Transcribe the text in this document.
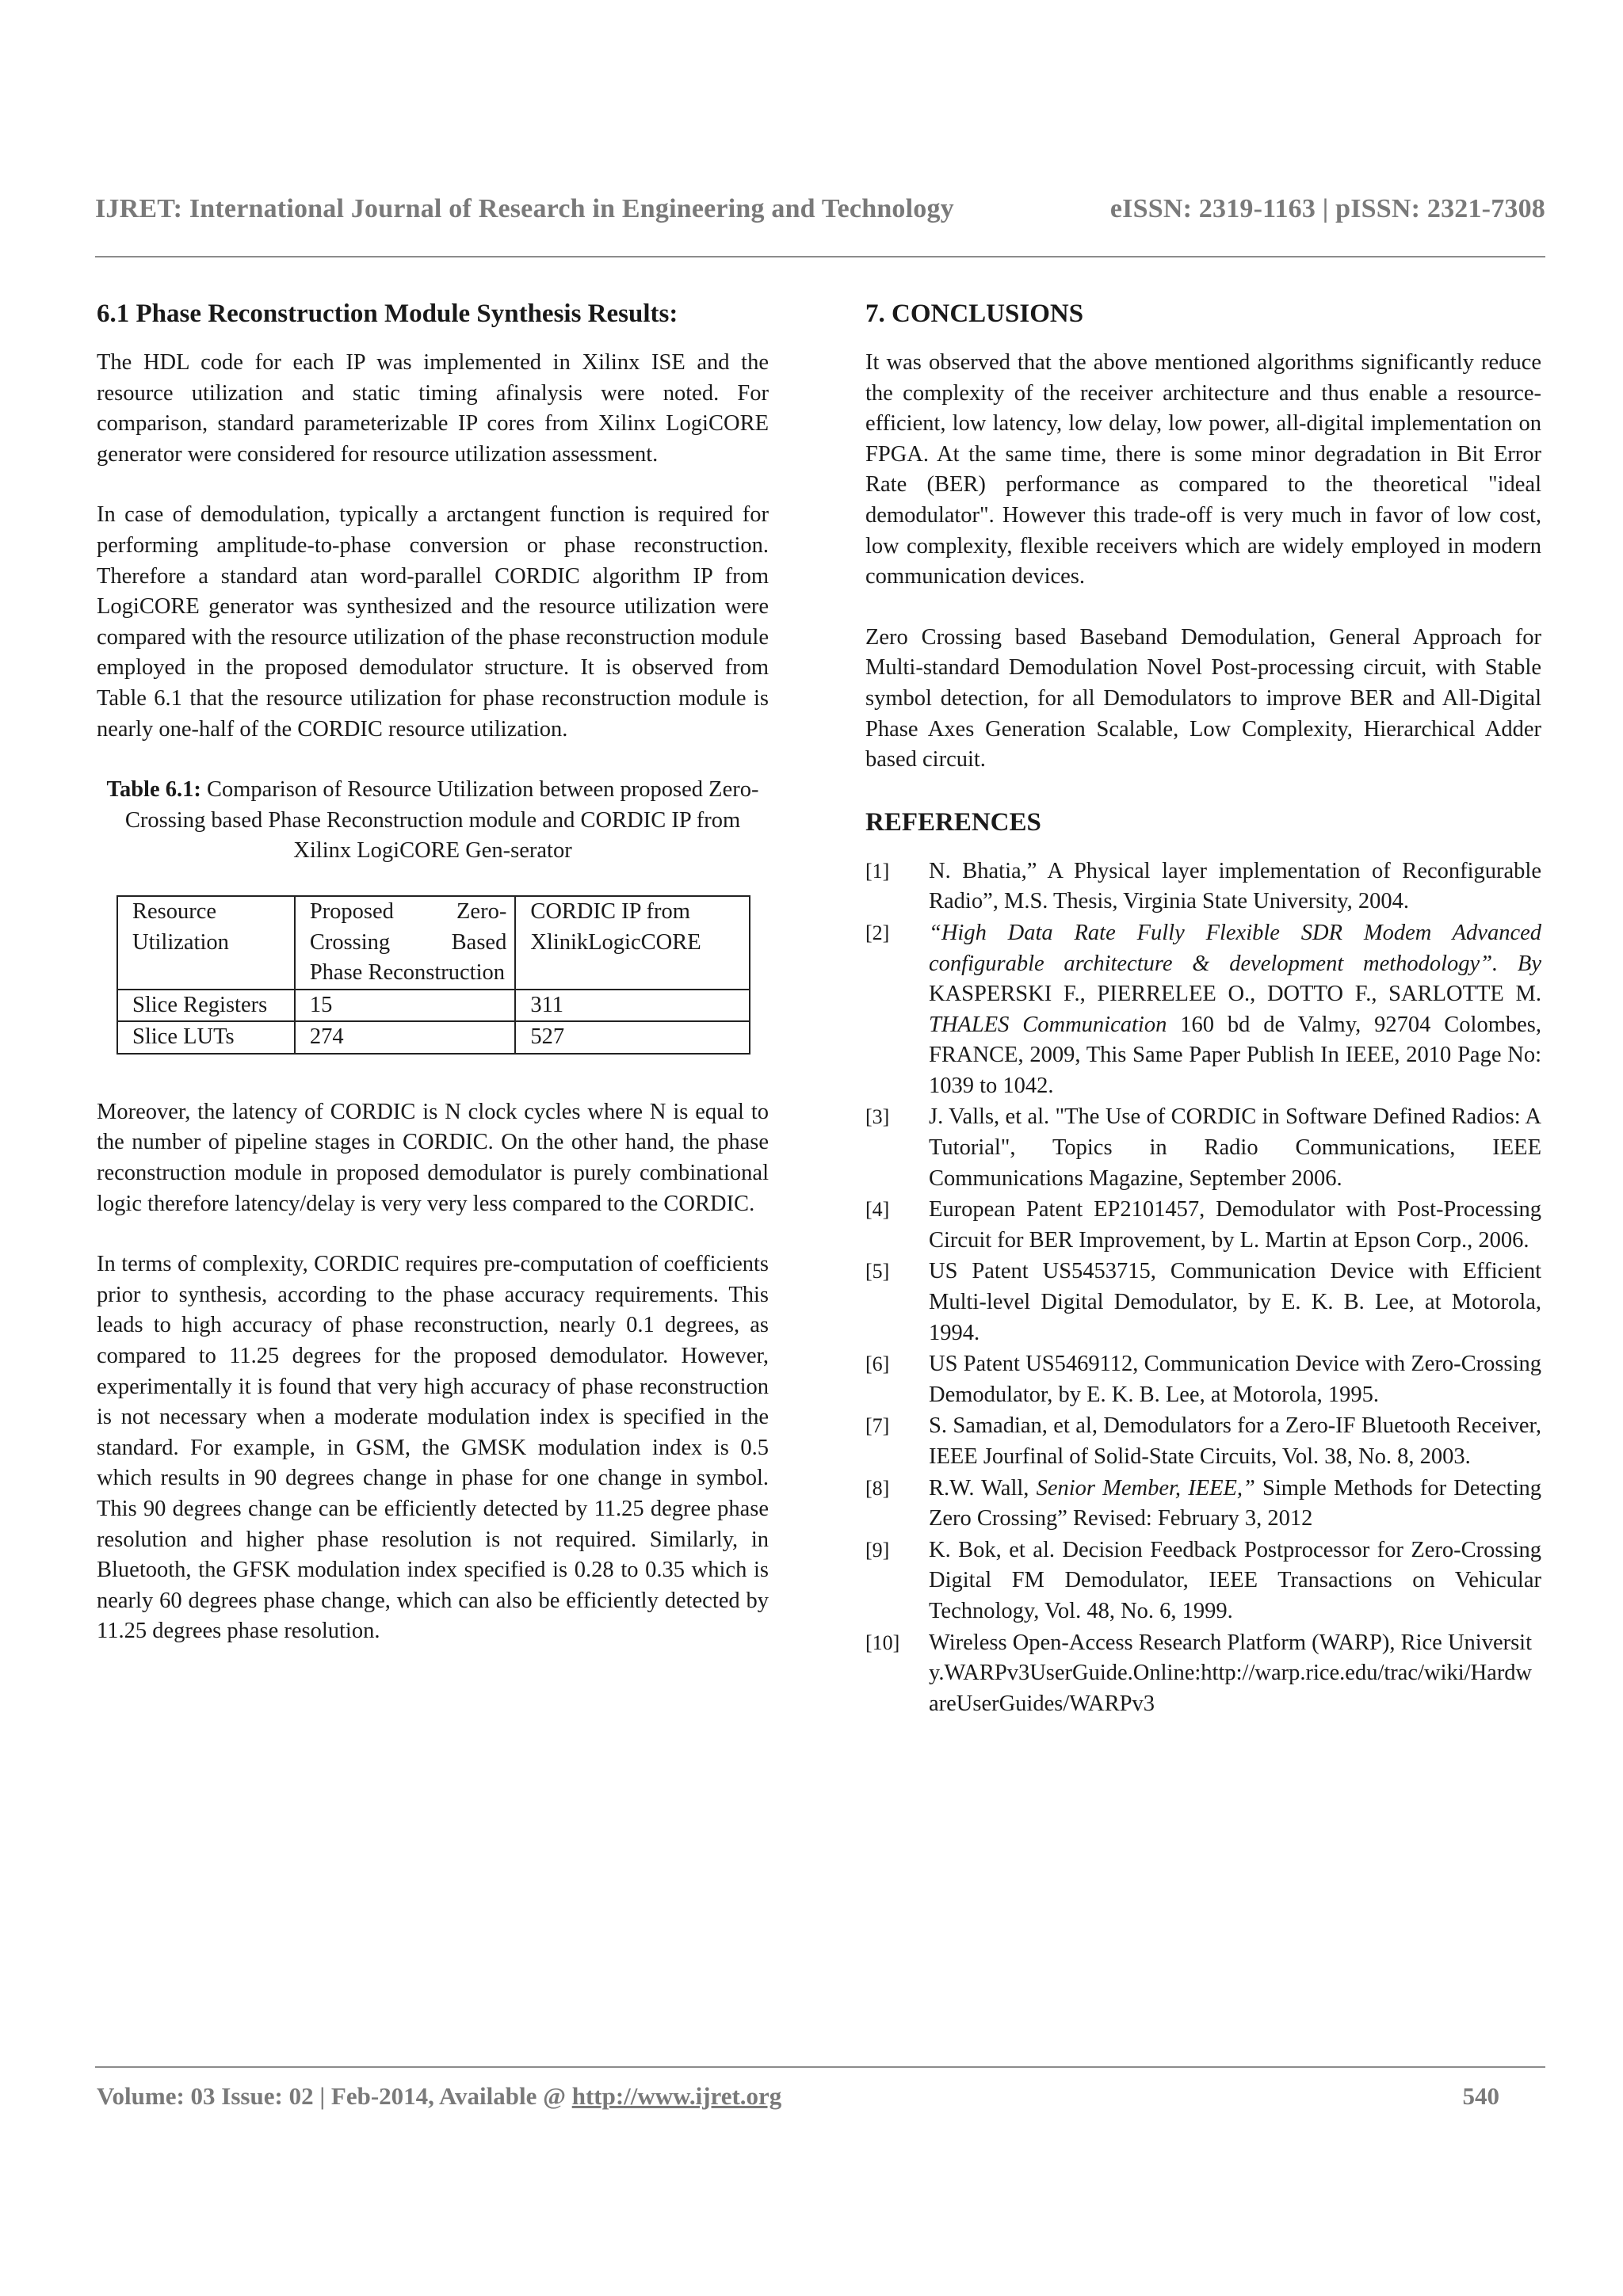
IJRET: International Journal of Research in Engineering and Technology	eISSN: 2319-1163 | pISSN: 2321-7308
6.1 Phase Reconstruction Module Synthesis Results:

The HDL code for each IP was implemented in Xilinx ISE and the resource utilization and static timing afinalysis were noted. For comparison, standard parameterizable IP cores from Xilinx LogiCORE generator were considered for resource utilization assessment.

In case of demodulation, typically a arctangent function is required for performing amplitude-to-phase conversion or phase reconstruction. Therefore a standard atan word-parallel CORDIC algorithm IP from LogiCORE generator was synthesized and the resource utilization were compared with the resource utilization of the phase reconstruction module employed in the proposed demodulator structure. It is observed from Table 6.1 that the resource utilization for phase reconstruction module is nearly one-half of the CORDIC resource utilization.

Table 6.1: Comparison of Resource Utilization between proposed Zero-Crossing based Phase Reconstruction module and CORDIC IP from Xilinx LogiCORE Gen-serator
Resource Utilization	Proposed Zero-Crossing Based Phase Reconstruction	CORDIC IP from XlinikLogicCORE
Slice Registers	15	311
Slice LUTs	274	527

Moreover, the latency of CORDIC is N clock cycles where N is equal to the number of pipeline stages in CORDIC. On the other hand, the phase reconstruction module in proposed demodulator is purely combinational logic therefore latency/delay is very very less compared to the CORDIC.

In terms of complexity, CORDIC requires pre-computation of coefficients prior to synthesis, according to the phase accuracy requirements. This leads to high accuracy of phase reconstruction, nearly 0.1 degrees, as compared to 11.25 degrees for the proposed demodulator. However, experimentally it is found that very high accuracy of phase reconstruction is not necessary when a moderate modulation index is specified in the standard. For example, in GSM, the GMSK modulation index is 0.5 which results in 90 degrees change in phase for one change in symbol. This 90 degrees change can be efficiently detected by 11.25 degree phase resolution and higher phase resolution is not required. Similarly, in Bluetooth, the GFSK modulation index specified is 0.28 to 0.35 which is nearly 60 degrees phase change, which can also be efficiently detected by 11.25 degrees phase resolution.

7. CONCLUSIONS

It was observed that the above mentioned algorithms significantly reduce the complexity of the receiver architecture and thus enable a resource-efficient, low latency, low delay, low power, all-digital implementation on FPGA. At the same time, there is some minor degradation in Bit Error Rate (BER) performance as compared to the theoretical "ideal demodulator". However this trade-off is very much in favor of low cost, low complexity, flexible receivers which are widely employed in modern communication devices.

Zero Crossing based Baseband Demodulation, General Approach for Multi-standard Demodulation Novel Post-processing circuit, with Stable symbol detection, for all Demodulators to improve BER and All-Digital Phase Axes Generation Scalable, Low Complexity, Hierarchical Adder based circuit.

REFERENCES
[1]	N. Bhatia,” A Physical layer implementation of Reconfigurable Radio”, M.S. Thesis, Virginia State University, 2004.
[2]	“High Data Rate Fully Flexible SDR Modem Advanced configurable architecture & development methodology”. By KASPERSKI F., PIERRELEE O., DOTTO F., SARLOTTE M. THALES Communication 160 bd de Valmy, 92704 Colombes, FRANCE, 2009, This Same Paper Publish In IEEE, 2010 Page No: 1039 to 1042.
[3]	J. Valls, et al. "The Use of CORDIC in Software Defined Radios: A Tutorial", Topics in Radio Communications, IEEE Communications Magazine, September 2006.
[4]	European Patent EP2101457, Demodulator with Post-Processing Circuit for BER Improvement, by L. Martin at Epson Corp., 2006.
[5]	US Patent US5453715, Communication Device with Efficient Multi-level Digital Demodulator, by E. K. B. Lee, at Motorola, 1994.
[6]	US Patent US5469112, Communication Device with Zero-Crossing Demodulator, by E. K. B. Lee, at Motorola, 1995.
[7]	S. Samadian, et al, Demodulators for a Zero-IF Bluetooth Receiver, IEEE Jourfinal of Solid-State Circuits, Vol. 38, No. 8, 2003.
[8]	R.W. Wall, Senior Member, IEEE,” Simple Methods for Detecting Zero Crossing” Revised: February 3, 2012
[9]	K. Bok, et al. Decision Feedback Postprocessor for Zero-Crossing Digital FM Demodulator, IEEE Transactions on Vehicular Technology, Vol. 48, No. 6, 1999.
[10]	Wireless Open-Access Research Platform (WARP), Rice University.WARPv3UserGuide.Online:http://warp.rice.edu/trac/wiki/HardwareUserGuides/WARPv3
Volume: 03 Issue: 02 | Feb-2014, Available @ http://www.ijret.org	540
